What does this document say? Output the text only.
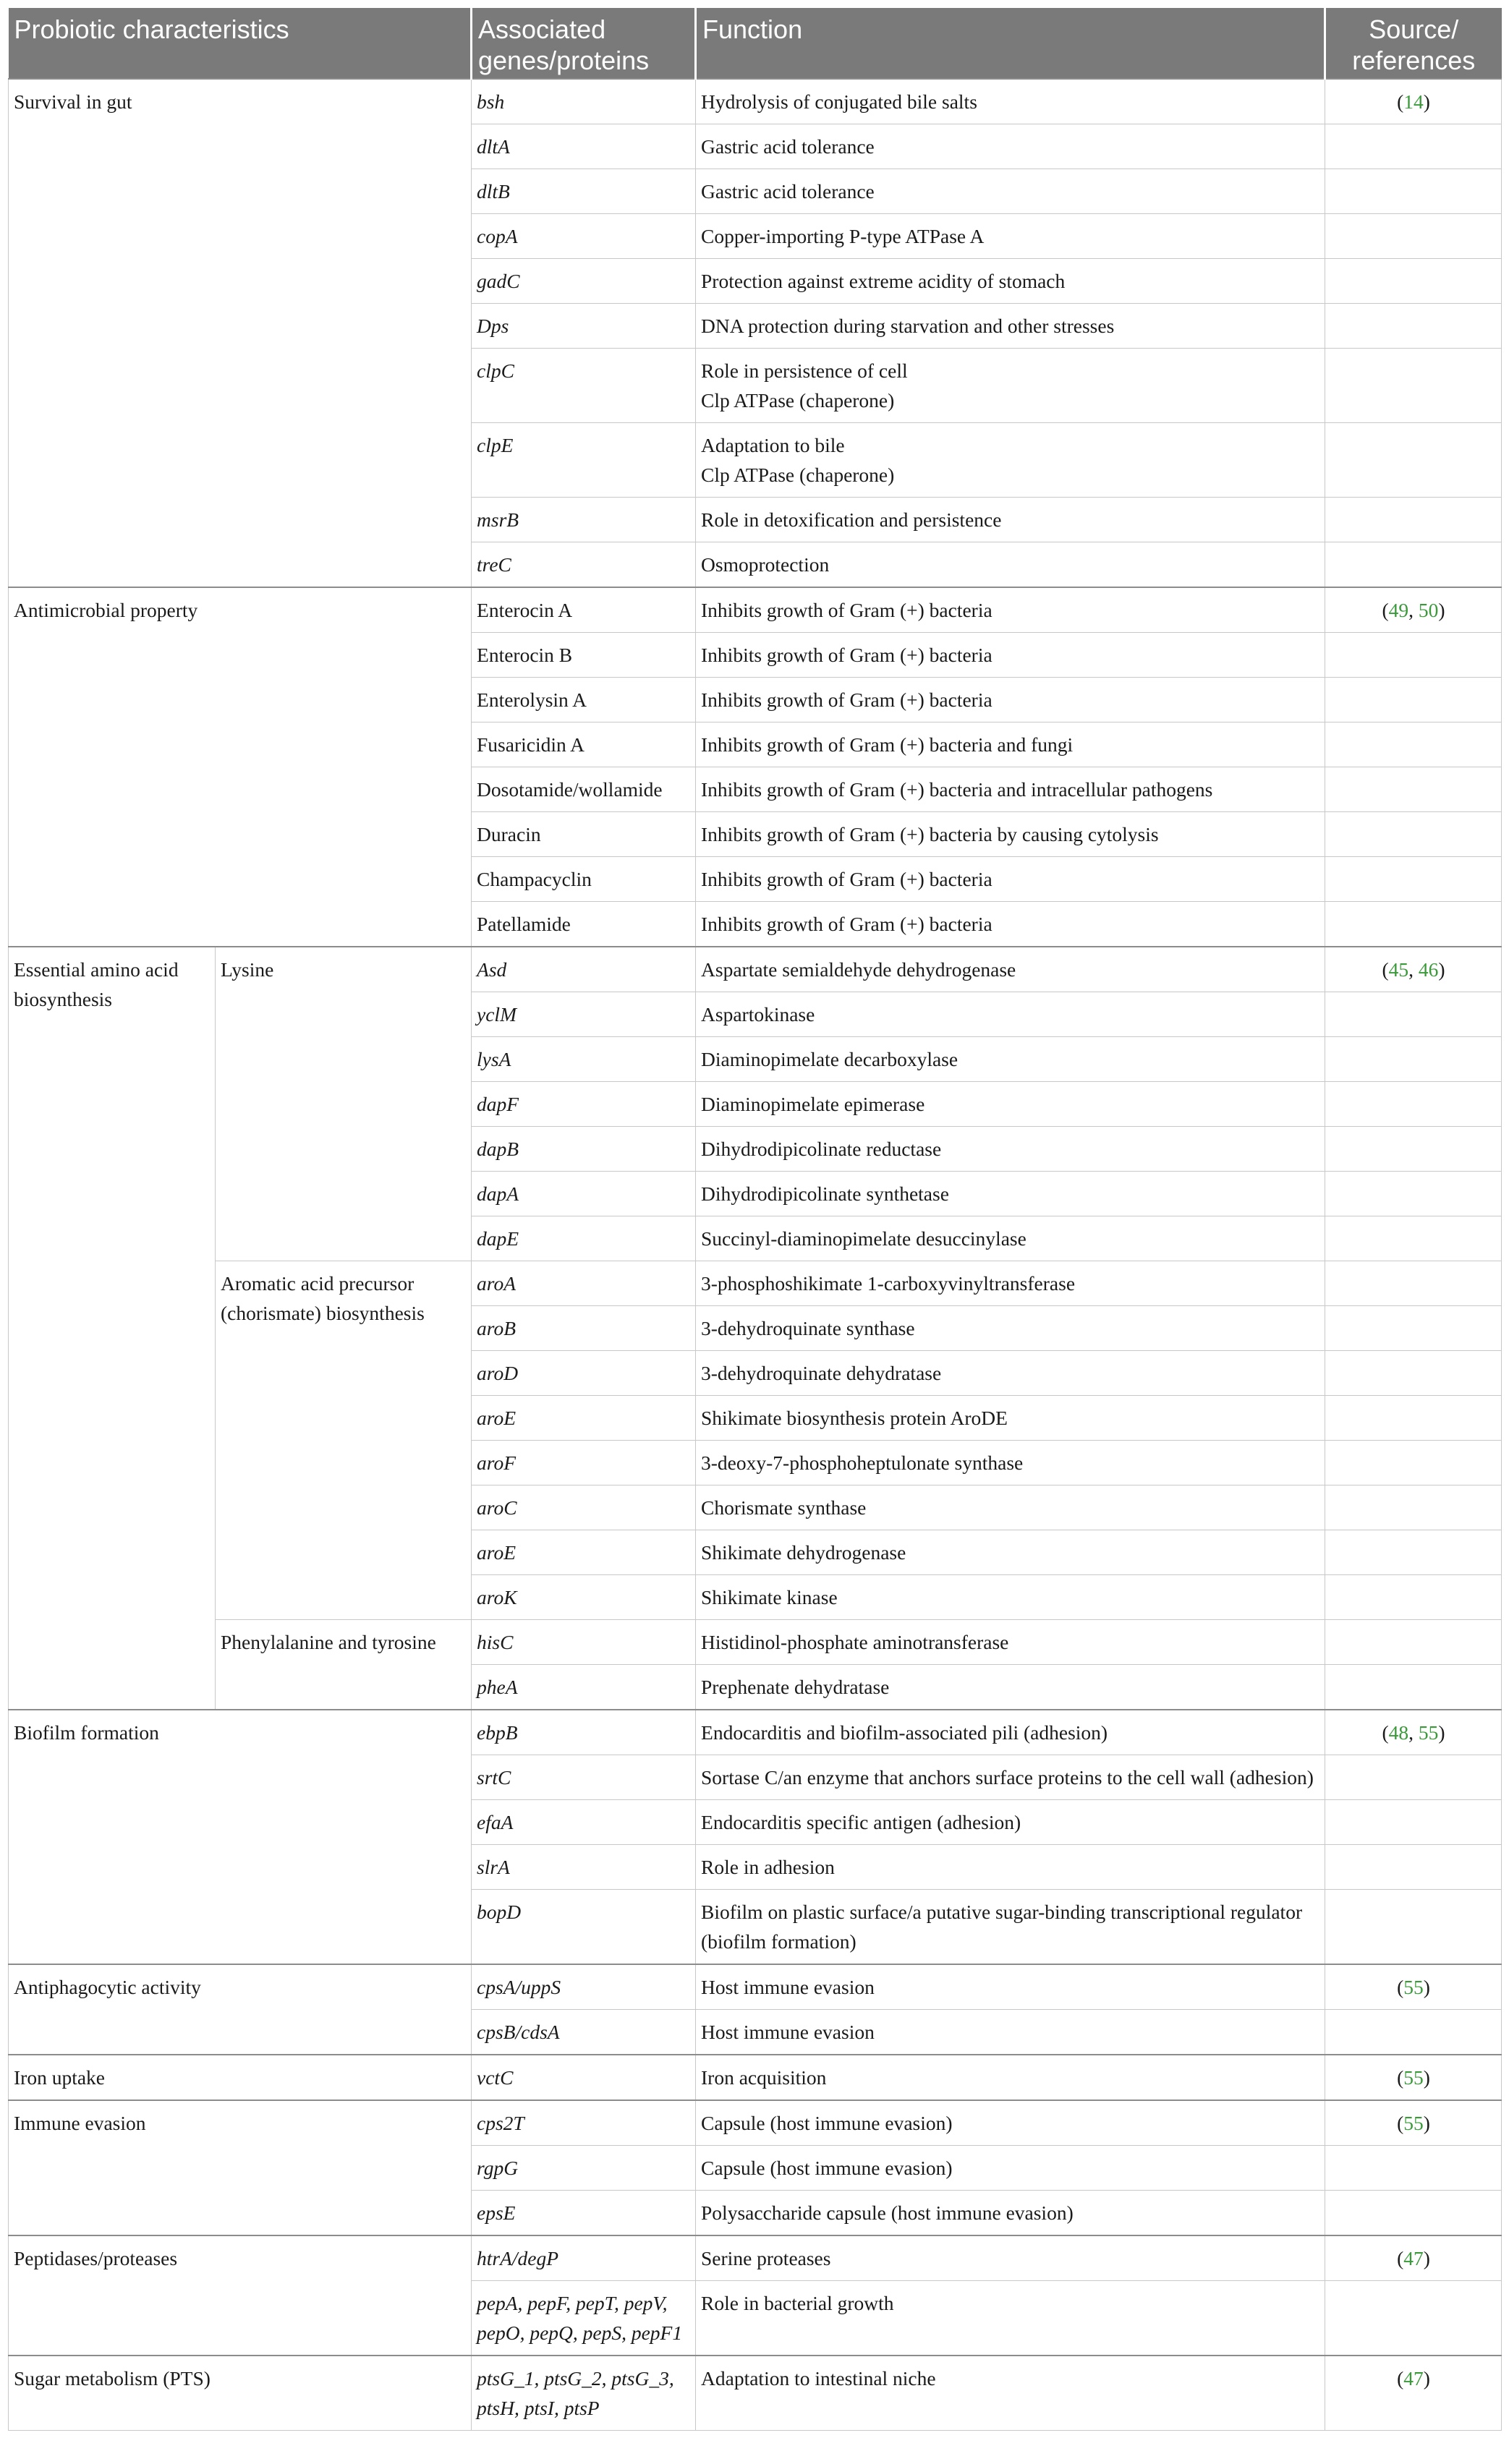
Probiotic characteristics		Associated genes/proteins	Function	Source/ references
Survival in gut		bsh	Hydrolysis of conjugated bile salts	(14)
		dltA	Gastric acid tolerance	
		dltB	Gastric acid tolerance	
		copA	Copper-importing P-type ATPase A	
		gadC	Protection against extreme acidity of stomach	
		Dps	DNA protection during starvation and other stresses	
		clpC	Role in persistence of cell
Clp ATPase (chaperone)	
		clpE	Adaptation to bile
Clp ATPase (chaperone)	
		msrB	Role in detoxification and persistence	
		treC	Osmoprotection	
Antimicrobial property		Enterocin A	Inhibits growth of Gram (+) bacteria	(49, 50)
		Enterocin B	Inhibits growth of Gram (+) bacteria	
		Enterolysin A	Inhibits growth of Gram (+) bacteria	
		Fusaricidin A	Inhibits growth of Gram (+) bacteria and fungi	
		Dosotamide/wollamide	Inhibits growth of Gram (+) bacteria and intracellular pathogens	
		Duracin	Inhibits growth of Gram (+) bacteria by causing cytolysis	
		Champacyclin	Inhibits growth of Gram (+) bacteria	
		Patellamide	Inhibits growth of Gram (+) bacteria	
Essential amino acid biosynthesis	Lysine	Asd	Aspartate semialdehyde dehydrogenase	(45, 46)
		yclM	Aspartokinase	
		lysA	Diaminopimelate decarboxylase	
		dapF	Diaminopimelate epimerase	
		dapB	Dihydrodipicolinate reductase	
		dapA	Dihydrodipicolinate synthetase	
		dapE	Succinyl-diaminopimelate desuccinylase	
	Aromatic acid precursor (chorismate) biosynthesis	aroA	3-phosphoshikimate 1-carboxyvinyltransferase	
		aroB	3-dehydroquinate synthase	
		aroD	3-dehydroquinate dehydratase	
		aroE	Shikimate biosynthesis protein AroDE	
		aroF	3-deoxy-7-phosphoheptulonate synthase	
		aroC	Chorismate synthase	
		aroE	Shikimate dehydrogenase	
		aroK	Shikimate kinase	
	Phenylalanine and tyrosine	hisC	Histidinol-phosphate aminotransferase	
		pheA	Prephenate dehydratase	
Biofilm formation		ebpB	Endocarditis and biofilm-associated pili (adhesion)	(48, 55)
		srtC	Sortase C/an enzyme that anchors surface proteins to the cell wall (adhesion)	
		efaA	Endocarditis specific antigen (adhesion)	
		slrA	Role in adhesion	
		bopD	Biofilm on plastic surface/a putative sugar-binding transcriptional regulator (biofilm formation)	
Antiphagocytic activity		cpsA/uppS	Host immune evasion	(55)
		cpsB/cdsA	Host immune evasion	
Iron uptake		vctC	Iron acquisition	(55)
Immune evasion		cps2T	Capsule (host immune evasion)	(55)
		rgpG	Capsule (host immune evasion)	
		epsE	Polysaccharide capsule (host immune evasion)	
Peptidases/proteases		htrA/degP	Serine proteases	(47)
		pepA, pepF, pepT, pepV, pepO, pepQ, pepS, pepF1	Role in bacterial growth	
Sugar metabolism (PTS)		ptsG_1, ptsG_2, ptsG_3, ptsH, ptsI, ptsP	Adaptation to intestinal niche	(47)
